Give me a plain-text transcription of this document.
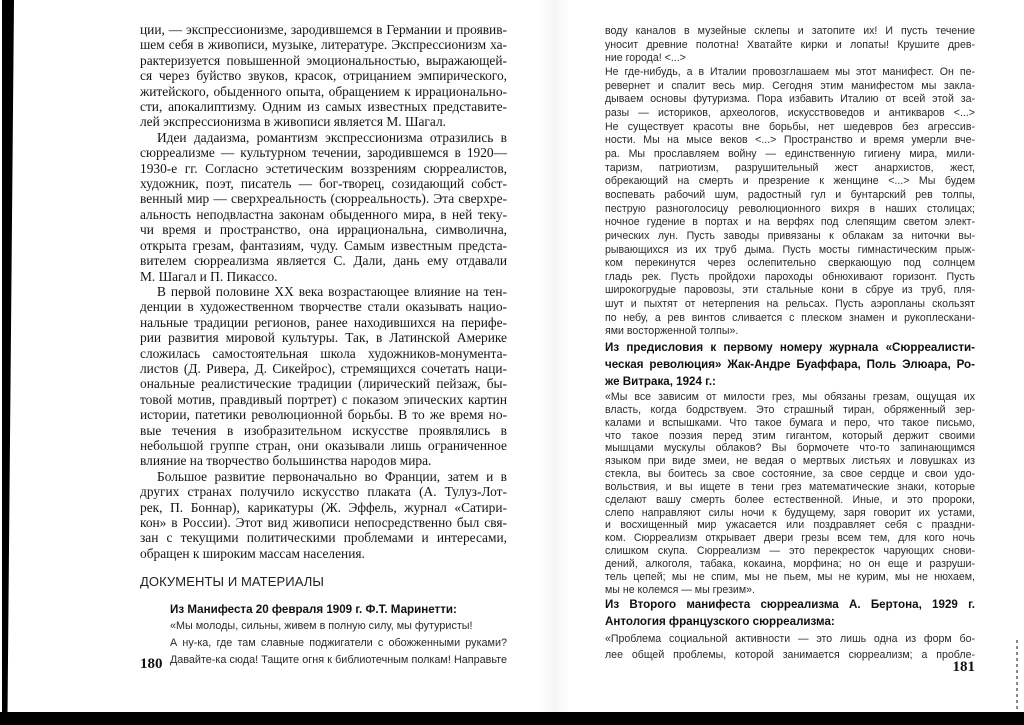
ции, — экспрессионизме, зародившемся в Германии и проявив-
шем себя в живописи, музыке, литературе. Экспрессионизм ха-
рактеризуется повышенной эмоциональностью, выражающей-
ся через буйство звуков, красок, отрицанием эмпирического,
житейского, обыденного опыта, обращением к иррационально-
сти, апокалиптизму. Одним из самых известных представите-
лей экспрессионизма в живописи является М. Шагал.
Идеи дадаизма, романтизм экспрессионизма отразились в
сюрреализме — культурном течении, зародившемся в 1920—
1930-е гг. Согласно эстетическим воззрениям сюрреалистов,
художник, поэт, писатель — бог-творец, созидающий собст-
венный мир — сверхреальность (сюрреальность). Эта сверхре-
альность неподвластна законам обыденного мира, в ней теку-
чи время и пространство, она иррациональна, символична,
открыта грезам, фантазиям, чуду. Самым известным предста-
вителем сюрреализма является С. Дали, дань ему отдавали
М. Шагал и П. Пикассо.
В первой половине XX века возрастающее влияние на тен-
денции в художественном творчестве стали оказывать нацио-
нальные традиции регионов, ранее находившихся на перифе-
рии развития мировой культуры. Так, в Латинской Америке
сложилась самостоятельная школа художников-монумента-
листов (Д. Ривера, Д. Сикейрос), стремящихся сочетать наци-
ональные реалистические традиции (лирический пейзаж, бы-
товой мотив, правдивый портрет) с показом эпических картин
истории, патетики революционной борьбы. В то же время но-
вые течения в изобразительном искусстве проявлялись в
небольшой группе стран, они оказывали лишь ограниченное
влияние на творчество большинства народов мира.
Большое развитие первоначально во Франции, затем и в
других странах получило искусство плаката (А. Тулуз-Лот-
рек, П. Боннар), карикатуры (Ж. Эффель, журнал «Сатири-
кон» в России). Этот вид живописи непосредственно был свя-
зан с текущими политическими проблемами и интересами,
обращен к широким массам населения.
ДОКУМЕНТЫ И МАТЕРИАЛЫ
Из Манифеста 20 февраля 1909 г. Ф.Т. Маринетти:
«Мы молоды, сильны, живем в полную силу, мы футуристы!
А ну-ка, где там славные поджигатели с обожженными руками?
Давайте-ка сюда! Тащите огня к библиотечным полкам! Направьте
180
воду каналов в музейные склепы и затопите их! И пусть течение
уносит древние полотна! Хватайте кирки и лопаты! Крушите древ-
ние города! <...>
Не где-нибудь, а в Италии провозглашаем мы этот манифест. Он пе-
ревернет и спалит весь мир. Сегодня этим манифестом мы закла-
дываем основы футуризма. Пора избавить Италию от всей этой за-
разы — историков, археологов, искусствоведов и антикваров <...>
Не существует красоты вне борьбы, нет шедевров без агрессив-
ности. Мы на мысе веков <...> Пространство и время умерли вче-
ра. Мы прославляем войну — единственную гигиену мира, мили-
таризм, патриотизм, разрушительный жест анархистов, жест,
обрекающий на смерть и презрение к женщине <...> Мы будем
воспевать рабочий шум, радостный гул и бунтарский рев толпы,
пеструю разноголосицу революционного вихря в наших столицах;
ночное гудение в портах и на верфях под слепящим светом элект-
рических лун. Пусть заводы привязаны к облакам за ниточки вы-
рывающихся из их труб дыма. Пусть мосты гимнастическим прыж-
ком перекинутся через ослепительно сверкающую под солнцем
гладь рек. Пусть пройдохи пароходы обнюхивают горизонт. Пусть
широкогрудые паровозы, эти стальные кони в сбруе из труб, пля-
шут и пыхтят от нетерпения на рельсах. Пусть аэропланы скользят
по небу, а рев винтов сливается с плеском знамен и рукоплескани-
ями восторженной толпы».
Из предисловия к первому номеру журнала «Сюрреалисти-
ческая революция» Жак-Андре Буаффара, Поль Элюара, Ро-
же Витрака, 1924 г.:
«Мы все зависим от милости грез, мы обязаны грезам, ощущая их
власть, когда бодрствуем. Это страшный тиран, обряженный зер-
калами и вспышками. Что такое бумага и перо, что такое письмо,
что такое поэзия перед этим гигантом, который держит своими
мышцами мускулы облаков? Вы бормочете что-то запинающимся
языком при виде змеи, не ведая о мертвых листьях и ловушках из
стекла, вы боитесь за свое состояние, за свое сердце и свои удо-
вольствия, и вы ищете в тени грез математические знаки, которые
сделают вашу смерть более естественной. Иные, и это пророки,
слепо направляют силы ночи к будущему, заря говорит их устами,
и восхищенный мир ужасается или поздравляет себя с праздни-
ком. Сюрреализм открывает двери грезы всем тем, для кого ночь
слишком скупа. Сюрреализм — это перекресток чарующих снови-
дений, алкоголя, табака, кокаина, морфина; но он еще и разруши-
тель цепей; мы не спим, мы не пьем, мы не курим, мы не нюхаем,
мы не колемся — мы грезим».
Из Второго манифеста сюрреализма А. Бертона, 1929 г.
Антология французского сюрреализма:
«Проблема социальной активности — это лишь одна из форм бо-
лее общей проблемы, которой занимается сюрреализм; а пробле-
181
